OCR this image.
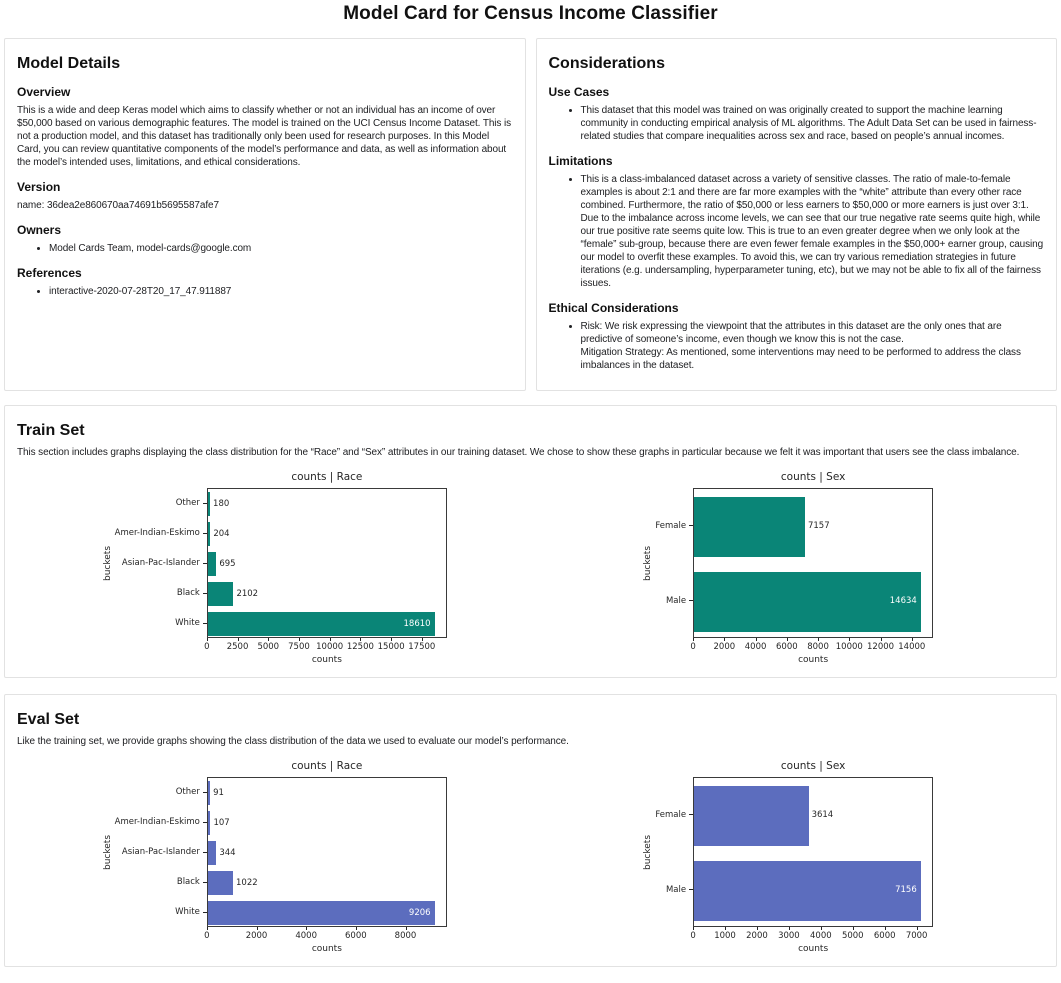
Model Card for Census Income Classifier
Model Details
Overview

This is a wide and deep Keras model which aims to classify whether or not an individual has an income of over $50,000 based on various demographic features. The model is trained on the UCI Census Income Dataset. This is not a production model, and this dataset has traditionally only been used for research purposes. In this Model Card, you can review quantitative components of the model’s performance and data, as well as information about the model’s intended uses, limitations, and ethical considerations.

Version

name: 36dea2e860670aa74691b5695587afe7

Owners
• Model Cards Team, model-cards@google.com
References
• interactive-2020-07-28T20_17_47.911887
Considerations
Use Cases
• This dataset that this model was trained on was originally created to support the machine learning community in conducting empirical analysis of ML algorithms. The Adult Data Set can be used in fairness-related studies that compare inequalities across sex and race, based on people’s annual incomes.
Limitations
• This is a class-imbalanced dataset across a variety of sensitive classes. The ratio of male-to-female examples is about 2:1 and there are far more examples with the “white” attribute than every other race combined. Furthermore, the ratio of $50,000 or less earners to $50,000 or more earners is just over 3:1. Due to the imbalance across income levels, we can see that our true negative rate seems quite high, while our true positive rate seems quite low. This is true to an even greater degree when we only look at the “female” sub-group, because there are even fewer female examples in the $50,000+ earner group, causing our model to overfit these examples. To avoid this, we can try various remediation strategies in future iterations (e.g. undersampling, hyperparameter tuning, etc), but we may not be able to fix all of the fairness issues.
Ethical Considerations
• Risk: We risk expressing the viewpoint that the attributes in this dataset are the only ones that are predictive of someone’s income, even though we know this is not the case.
Mitigation Strategy: As mentioned, some interventions may need to be performed to address the class imbalances in the dataset.
Train Set

This section includes graphs displaying the class distribution for the “Race” and “Sex” attributes in our training dataset. We chose to show these graphs in particular because we felt it was important that users see the class imbalance.

counts | Race
buckets
Other
Amer-Indian-Eskimo
Asian-Pac-Islander
Black
White
180
204
695
2102
18610
0 2500 5000 7500 10000 12500 15000 17500
counts
counts | Sex
buckets
Female
Male
7157
14634
0 2000 4000 6000 8000 10000 12000 14000
counts
Eval Set

Like the training set, we provide graphs showing the class distribution of the data we used to evaluate our model’s performance.

counts | Race
buckets
Other
Amer-Indian-Eskimo
Asian-Pac-Islander
Black
White
91
107
344
1022
9206
0	2000	4000	6000	8000
counts
counts | Sex
buckets
Female
Male
3614
7156
0 1000 2000 3000 4000 5000 6000 7000
counts
